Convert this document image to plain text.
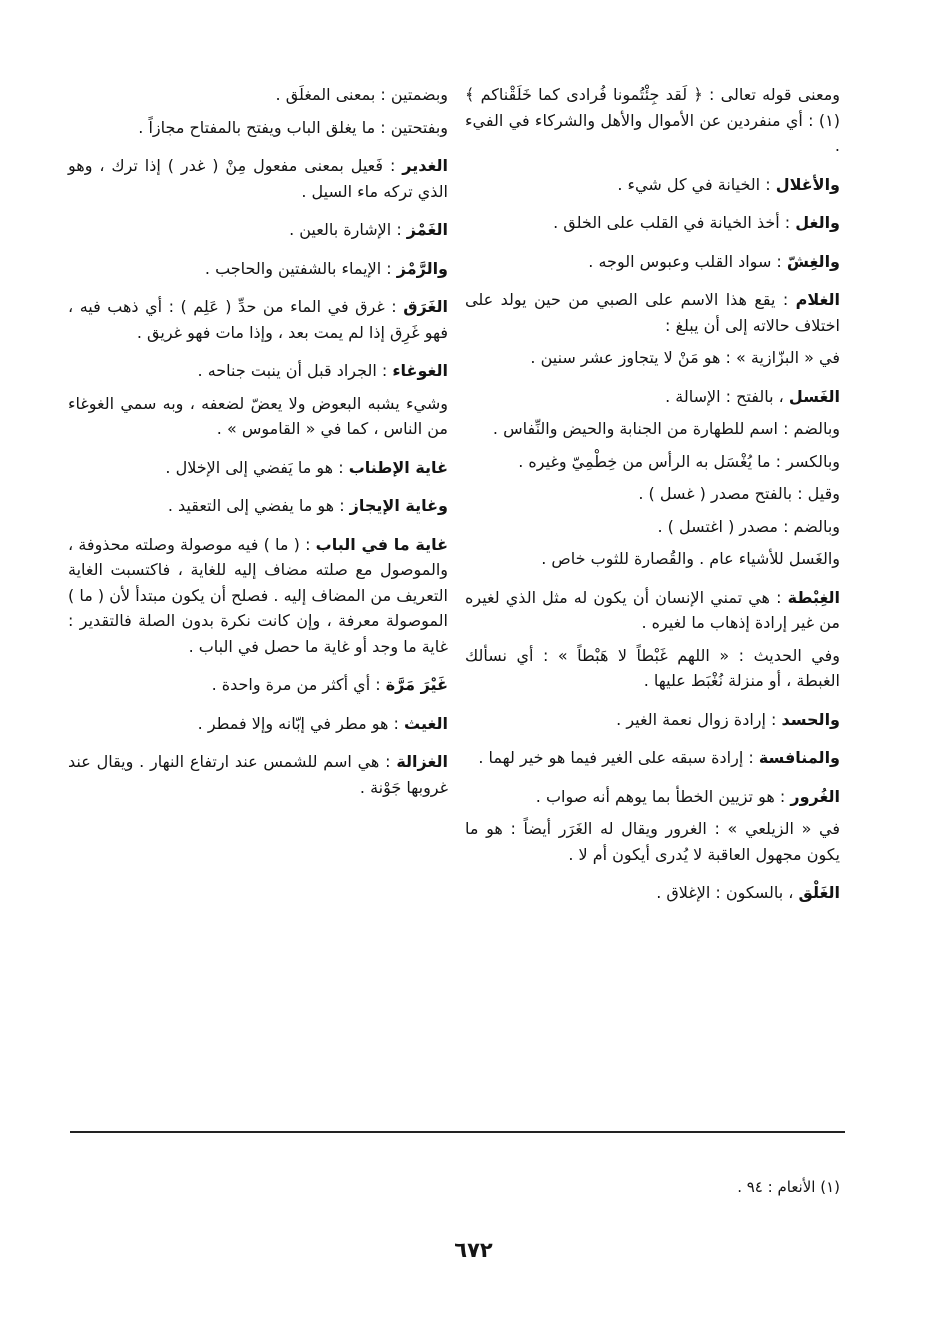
ومعنى قوله تعالى : ﴿ لَقد جِئْتُمونا فُرادى كما خَلَقْناكم ﴾(١) : أي منفردين عن الأموال والأهل والشركاء في الفيء .

والأغلال : الخيانة في كل شيء .

والغل : أخذ الخيانة في القلب على الخلق .

والغِشّ : سواد القلب وعبوس الوجه .

الغلام : يقع هذا الاسم على الصبي من حين يولد على اختلاف حالاته إلى أن يبلغ :

في « البزّازية » : هو مَنْ لا يتجاوز عشر سنين .

الغَسل ، بالفتح : الإسالة .

وبالضم : اسم للطهارة من الجنابة والحيض والنِّفاس .

وبالكسر : ما يُغْسَل به الرأس من خِطْمِيّ وغيره .

وقيل : بالفتح مصدر ( غسل ) .

وبالضم : مصدر ( اغتسل ) .

والغَسل للأشياء عام . والقُصارة للثوب خاص .

الغِبْطة : هي تمني الإنسان أن يكون له مثل الذي لغيره من غير إرادة إذهاب ما لغيره .

وفي الحديث : « اللهم غَبْطاً لا هَبْطاً » : أي نسألك الغبطة ، أو منزلة نُغْبَط عليها .

والحسد : إرادة زوال نعمة الغير .

والمنافسة : إرادة سبقه على الغير فيما هو خير لهما .

الغُرور : هو تزيين الخطأ بما يوهم أنه صواب .

في « الزيلعي » : الغرور ويقال له الغَرَر أيضاً : هو ما يكون مجهول العاقبة لا يُدرى أيكون أم لا .

الغَلْق ، بالسكون : الإغلاق .

وبضمتين : بمعنى المغلَق .

وبفتحتين : ما يغلق الباب ويفتح بالمفتاح مجازاً .

الغدير : فَعيل بمعنى مفعول مِنْ ( غدر ) إذا ترك ، وهو الذي تركه ماء السيل .

الغَمْز : الإشارة بالعين .

والرَّمْز : الإيماء بالشفتين والحاجب .

الغَرَق : غرق في الماء من حدِّ ( عَلِم ) : أي ذهب فيه ، فهو غَرِق إذا لم يمت بعد ، وإذا مات فهو غريق .

الغوغاء : الجراد قبل أن ينبت جناحه .

وشيء يشبه البعوض ولا يعضّ لضعفه ، وبه سمي الغوغاء من الناس ، كما في « القاموس » .

غاية الإطناب : هو ما يَفضي إلى الإخلال .

وغاية الإيجاز : هو ما يفضي إلى التعقيد .

غاية ما في الباب : ( ما ) فيه موصولة وصلته محذوفة ، والموصول مع صلته مضاف إليه للغاية ، فاكتسبت الغاية التعريف من المضاف إليه . فصلح أن يكون مبتدأ لأن ( ما ) الموصولة معرفة ، وإن كانت نكرة بدون الصلة فالتقدير : غاية ما وجد أو غاية ما حصل في الباب .

غَيْرَ مَرَّة : أي أكثر من مرة واحدة .

الغيث : هو مطر في إبّانه وإلا فمطر .

الغزالة : هي اسم للشمس عند ارتفاع النهار . ويقال عند غروبها جَوْنة .

(١) الأنعام : ٩٤ .
٦٧٢
